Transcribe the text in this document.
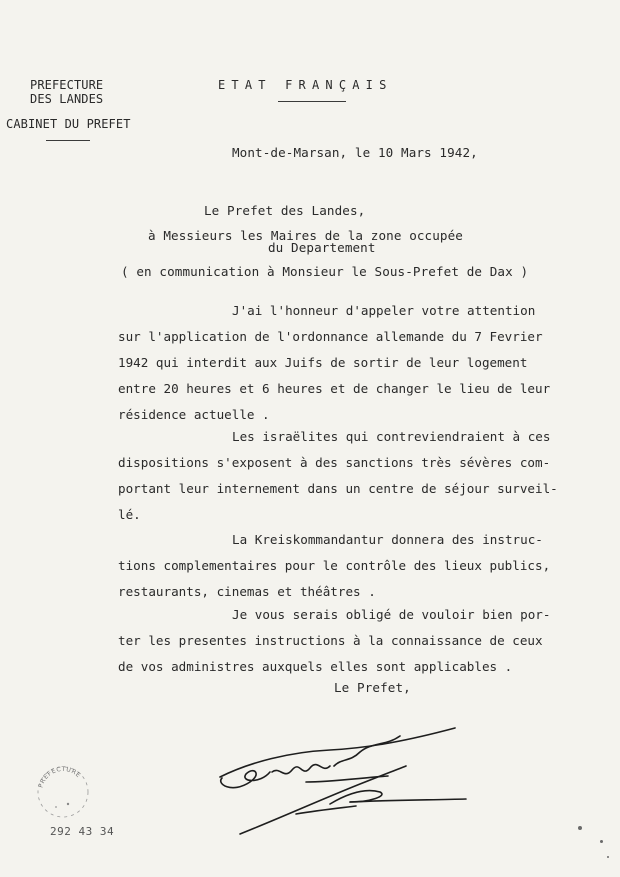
PREFECTURE
DES LANDES
CABINET DU PREFET
ETAT FRANÇAIS
Mont-de-Marsan, le 10 Mars 1942,
Le Prefet des Landes,
à Messieurs les Maires de la zone occupée
du Departement
( en communication à Monsieur le Sous-Prefet de Dax )
J'ai l'honneur d'appeler votre attention
sur l'application de l'ordonnance allemande du 7 Fevrier
1942 qui interdit aux Juifs de sortir de leur logement
entre 20 heures et 6 heures et de changer le lieu de leur
résidence actuelle .
Les israëlites qui contreviendraient à ces
dispositions s'exposent à des sanctions très sévères com-
portant leur internement dans un centre de séjour surveil-
lé.
La Kreiskommandantur donnera des instruc-
tions complementaires pour le contrôle des lieux publics,
restaurants, cinemas et théâtres .
Je vous serais obligé de vouloir bien por-
ter les presentes instructions à la connaissance de ceux
de vos administres auxquels elles sont applicables .
Le Prefet,
PREFECTURE
292 43 34
